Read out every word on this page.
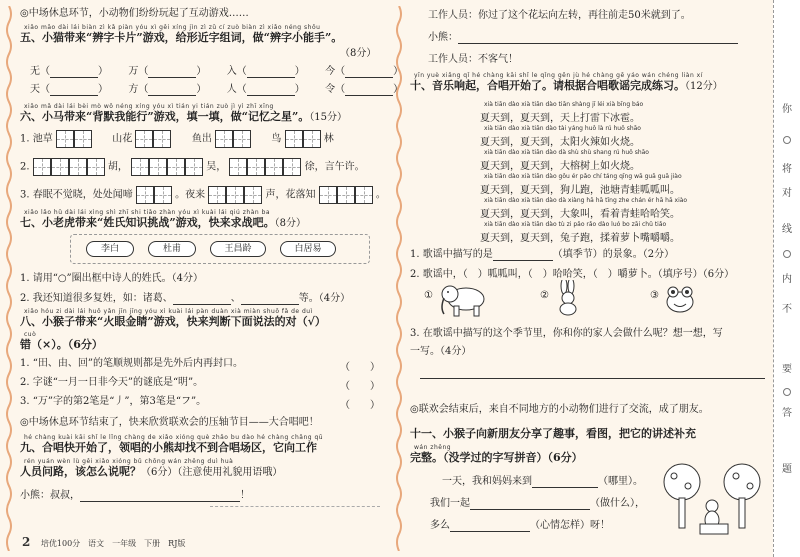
◎中场休息环节，小动物们纷纷玩起了互动游戏……
xiǎo māo dài lái biàn zì kǎ piàn yóu xì gěi xíng jìn zì zǔ cí zuò biàn zì xiǎo néng shǒu
五、小猫带来“辨字卡片”游戏，给形近字组词，做“辨字小能手”。
（8分）
无（	） 万（	） 入（	） 今（	）
天（	） 方（	） 人（	） 令（	）
xiǎo mǎ dài lái bèi mò wǒ néng xíng yóu xì tián yi tián zuò jì yì zhī xīng
六、小马带来“背默我能行”游戏，填一填，做“记忆之星”。（15分）
1. 池草	山花	鱼出	鸟	林
2.	胡，	吴，	徐，言午许。
3. 春眠不觉晓，处处闻啼	。夜来	声，花落知	。
xiǎo lǎo hǔ dài lái xìng shì zhī shi tiǎo zhàn yóu xì kuài lái qiú zhàn ba
七、小老虎带来“姓氏知识挑战”游戏，快来求战吧。（8分）
李白	杜甫	王昌龄	白居易
1. 请用“○”圈出框中诗人的姓氏。（4分）
2. 我还知道很多复姓，如：诸葛、	、	等。（4分）
xiǎo hóu zi dài lái huǒ yǎn jīn jīng yóu xì kuài lái pàn duàn xià miàn shuō fǎ de duì
八、小猴子带来“火眼金睛”游戏，快来判断下面说法的对（√）
cuò
错（×）。（6分）
1. “田、由、回”的笔顺规则都是先外后内再封口。	（　　）
2. 字谜“一月一日非今天”的谜底是“明”。	（　　）
3. “万”字的第2笔是“丿”，第3笔是“フ”。	（　　）
◎中场休息环节结束了，快来欣赏联欢会的压轴节目——大合唱吧！
hé chàng kuài kāi shǐ le lǐng chàng de xiǎo xióng què zhǎo bu dào hé chàng chǎng qū
九、合唱快开始了，领唱的小熊却找不到合唱场区，它向工作
rén yuán wèn lù gěi xiǎo xióng bǔ chōng wán zhěng duì huà
人员问路，该怎么说呢？（6分）（注意使用礼貌用语哦）
小熊：叔叔，	！
2 培优100分　语文　一年级　下册　RJ版
工作人员：你过了这个花坛向左转，再往前走50米就到了。
小熊：
工作人员：不客气！
yīn yuè xiǎng qǐ hé chàng kāi shǐ le qǐng gēn jù hé chàng gē yáo wán chéng liàn xí
十、音乐响起，合唱开始了。请根据合唱歌谣完成练习。（12分）
xià tiān dào xià tiān dào tiān shàng jī léi xià bīng báo
夏天到，夏天到，天上打雷下冰雹。
xià tiān dào xià tiān dào tài yáng huǒ là rú huǒ shāo
夏天到，夏天到，太阳火辣如火烧。
xià tiān dào xià tiān dào dà shù shù shang rú huǒ shāo
夏天到，夏天到，大榕树上如火烧。
xià tiān dào xià tiān dào gǒu ér pǎo chí táng qīng wā guā guā jiào
夏天到，夏天到，狗儿跑，池塘青蛙呱呱叫。
xià tiān dào xià tiān dào dà xiàng hā hā tīng zhe chán ér hā hā xiào
夏天到，夏天到，大象叫，看着青蛙哈哈笑。
xià tiān dào xià tiān dào tù zi pǎo rǎo dào luó bo zāi chǔ tiǎo
夏天到，夏天到，兔子跑，揉着萝卜嘴嚼嚼。
1. 歌谣中描写的是	（填季节）的景象。（2分）
2. 歌谣中，（　）呱呱叫，（　）哈哈笑，（　）嚼萝卜。（填序号）（6分）
①	②	③
3. 在歌谣中描写的这个季节里，你和你的家人会做什么呢？想一想，写
一写。（4分）
◎联欢会结束后，来自不同地方的小动物们进行了交流，成了朋友。
十一、小猴子向新朋友分享了趣事，看图，把它的讲述补充
wán zhěng
完整。（没学过的字写拼音）（6分）
一天，我和妈妈来到	（哪里）。
我们一起	（做什么），
多么	（心情怎样）呀！
你
将
对
线
内
不
要
答
题
